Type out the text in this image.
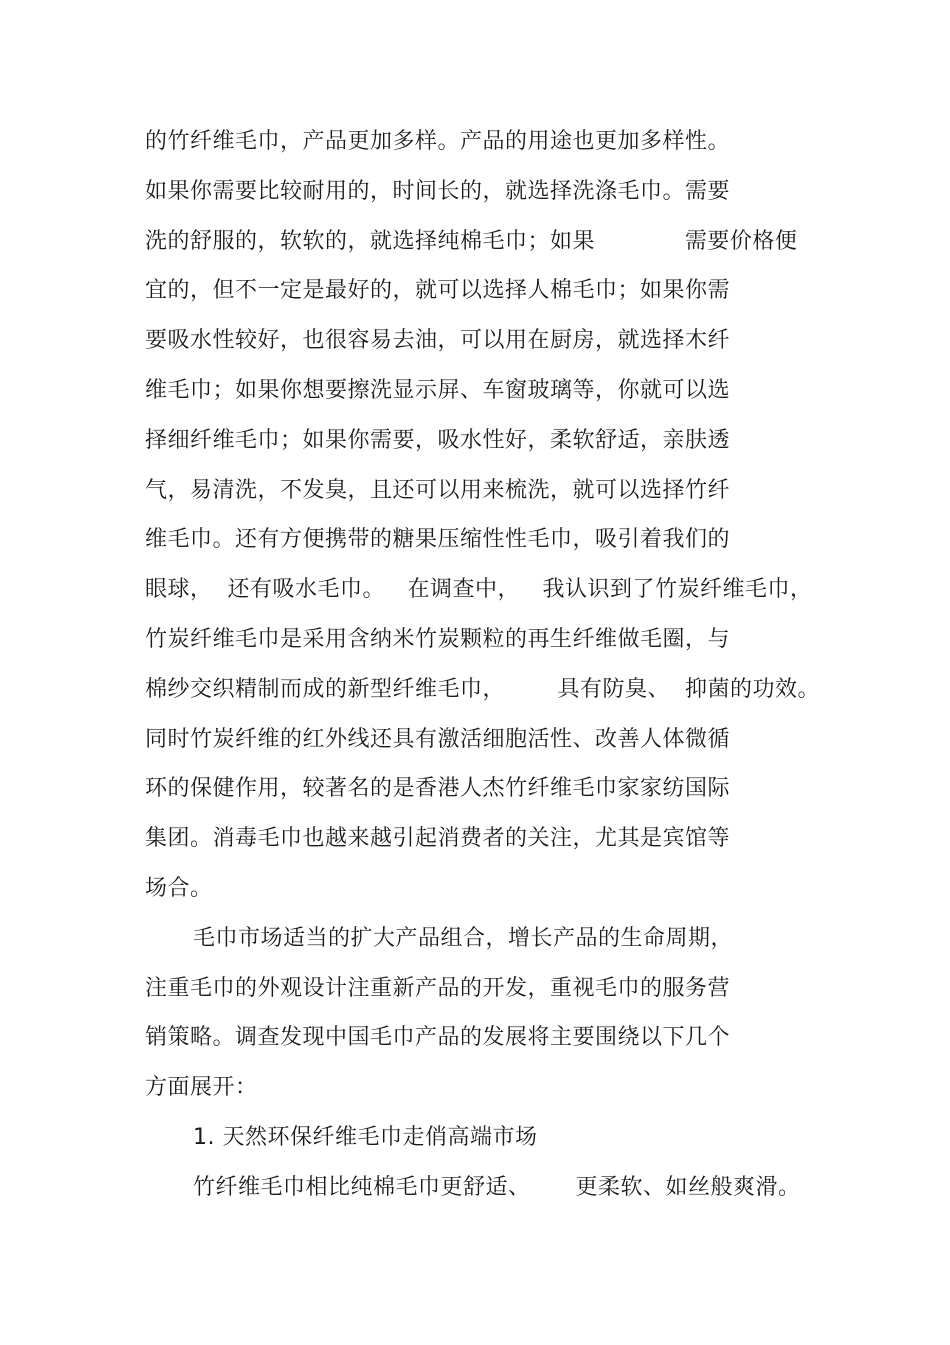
的竹纤维毛巾，产品更加多样。产品的用途也更加多样性。
如果你需要比较耐用的，时间长的，就选择洗涤毛巾。需要
洗的舒服的，软软的，就选择纯棉毛巾；如果            需要价格便
宜的，但不一定是最好的，就可以选择人棉毛巾；如果你需
要吸水性较好，也很容易去油，可以用在厨房，就选择木纤
维毛巾；如果你想要擦洗显示屏、车窗玻璃等，你就可以选
择细纤维毛巾；如果你需要，吸水性好，柔软舒适，亲肤透
气，易清洗，不发臭，且还可以用来梳洗，就可以选择竹纤
维毛巾。还有方便携带的糖果压缩性性毛巾，吸引着我们的
眼球，  还有吸水毛巾。   在调查中，   我认识到了竹炭纤维毛巾，
竹炭纤维毛巾是采用含纳米竹炭颗粒的再生纤维做毛圈，与
棉纱交织精制而成的新型纤维毛巾，       具有防臭、  抑菌的功效。
同时竹炭纤维的红外线还具有激活细胞活性、改善人体微循
环的保健作用，较著名的是香港人杰竹纤维毛巾家家纺国际
集团。消毒毛巾也越来越引起消费者的关注，尤其是宾馆等
场合。
毛巾市场适当的扩大产品组合，增长产品的生命周期，
注重毛巾的外观设计注重新产品的开发，重视毛巾的服务营
销策略。调查发现中国毛巾产品的发展将主要围绕以下几个
方面展开：
1. 天然环保纤维毛巾走俏高端市场
竹纤维毛巾相比纯棉毛巾更舒适、      更柔软、如丝般爽滑。
